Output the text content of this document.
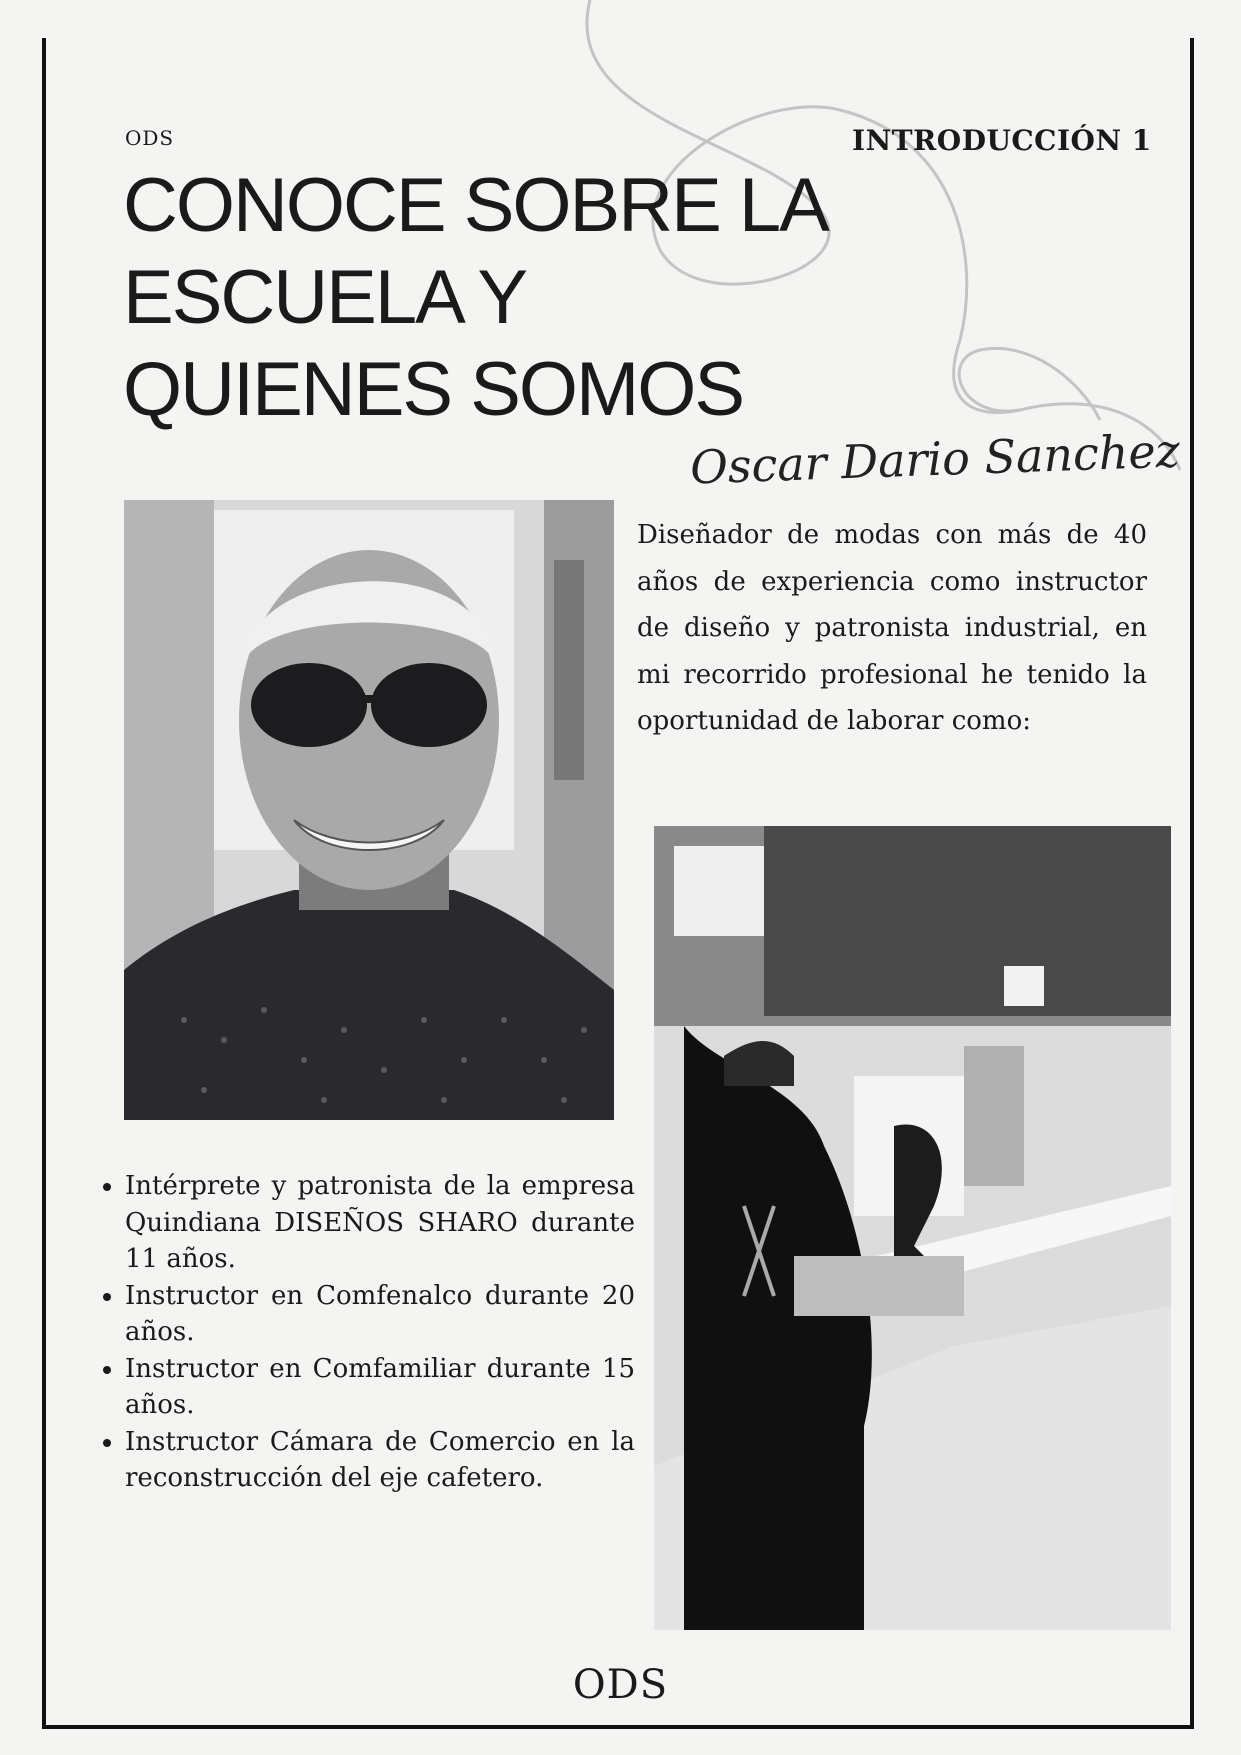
ODS	INTRODUCCIÓN 1
CONOCE SOBRE LA
ESCUELA Y
QUIENES SOMOS
Oscar Dario Sanchez

Diseñador de modas con más de 40 años de experiencia como instructor de diseño y patronista industrial, en mi recorrido profesional he tenido la oportunidad de laborar como:

• Intérprete y patronista de la empresa Quindiana DISEÑOS SHARO durante 11 años.
• Instructor en Comfenalco durante 20 años.
• Instructor en Comfamiliar durante 15 años.
• Instructor Cámara de Comercio en la reconstrucción del eje cafetero.
ODS
